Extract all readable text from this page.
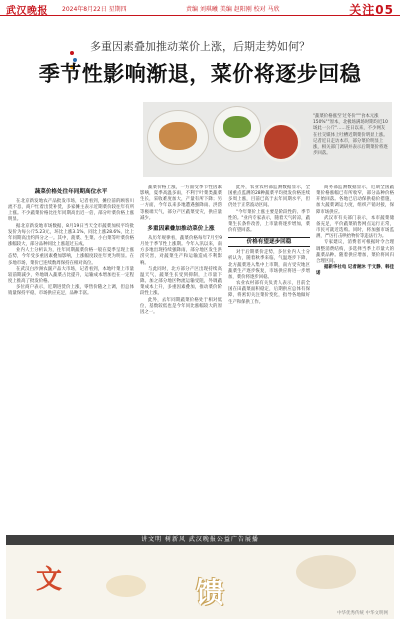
武汉晚报 2024年8月22日 星期四	责编 刘琪曦 美编 赵阳刚 校对 马欣	关注05
多重因素叠加推动菜价上涨，后期走势如何？
季节性影响渐退，菜价将逐步回稳
"蔬菜价格涨至'过冬价'""食本元涨150%""原本，北极场满场时期均近10场此一公斤"……连日以来，不少网友在社交媒体上吐槽近期菜价明显上涨。记者近日走访本市，部分菜价明显上涨，相关部门调研并表示后期菜价将逐步回落。
蔬菜价格处往年同期高位水平

在北京新发地农产品批发市场，记者看到，摊位前的顾客川流不息，商户忙着出货补货，多家摊主表示近期菜价较往年有所上涨。不少蔬菜价格比往年同期高出近一倍，部分叶菜价格上涨明显。

据北京新发地市场数据，8月19日当天全市蔬菜加权平均批发价为每公斤5.23元，环比上涨3.1%，同比上涨28.6%，比上年同期高出约四分之一。其中，菠菜、生菜、小白菜等叶菜价格涨幅较大，部分品种同比上涨超过五成。

业内人士分析认为，往年同期蔬菜价格一般在夏季呈现上涨态势，今年受多重因素叠加影响，上涨幅度较往年更为明显。在多地市场，菜价已连续数周保持在相对高位。

在武汉白沙洲农副产品大市场，记者看到，本地叶菜上市量较前期减少，外地调入蔬菜占比提升，运输成本增加也在一定程度上推高了批发价格。

多位商户表示，近期进货价上涨，零售价随之上调，但总体销量保持平稳，市场供应充足，品种丰富。

蔬菜价格上涨，一方面受季节性因素影响，夏季高温多雨，不利于叶菜类蔬菜生长，采收难度加大，产量有所下降；另一方面，今年以来多地遭遇强降雨、洪涝等极端天气，部分产区蔬菜受灾，供应量减少。

多重因素叠加推动菜价上涨

从历年规律看，蔬菜价格每年7月至9月处于季节性上涨期。今年入汛以来，南方多地出现持续强降雨，部分地区发生洪涝灾害，对蔬菜生产和运输造成不利影响。

与此同时，北方部分产区出现持续高温天气，蔬菜生长受到抑制，上市量下降。加之部分地区物流运输受阻，外调蔬菜成本上升，多重因素叠加，推动菜价阶段性上涨。

此外，去年同期蔬菜价格处于相对低位，基数较低也是今年同比涨幅较大的原因之一。

此外，农业农村部监测数据显示，全国重点监测的28种蔬菜平均批发价格连续多周上涨，目前已高于去年同期水平，但仍处于正常波动区间。

"今年菜价上涨主要是阶段性的、季节性的。"业内专家表示，随着天气转凉，蔬菜生长条件改善，上市量将逐步增加，菜价有望回落。

价格有望逐步回稳

对于后期菜价走势，多位业内人士分析认为，随着秋季来临，气温逐步下降，北方蔬菜进入集中上市期，南方受灾地区蔬菜生产逐步恢复，市场供应将进一步增加，菜价将逐步回稳。

农业农村部有关负责人表示，目前全国在田蔬菜面积稳定，后期供应总体有保障，将密切关注菜价变化，指导各地做好生产和保供工作。

商务部监测数据显示，近期全国蔬菜价格涨幅已有所收窄，部分品种价格开始回落。各地已启动保供稳价措施，加大蔬菜调运力度，组织产销对接，保障市场供应。

武汉市有关部门表示，本市蔬菜储备充足，平价蔬菜销售网点运行正常，市民可就近选购。同时，将加强市场监测，严厉打击哄抬物价等违法行为。

专家建议，消费者可根据时令合理调整消费结构，多选择当季上市量大的蔬菜品种。随着供应增加，菜价将回归合理区间。

据新华社电 记者谢沐 于文静、韩佳诺

讲文明 树新风 武汉晚报公益广告展播
文	馈
中华优秀传统 中华文明网
